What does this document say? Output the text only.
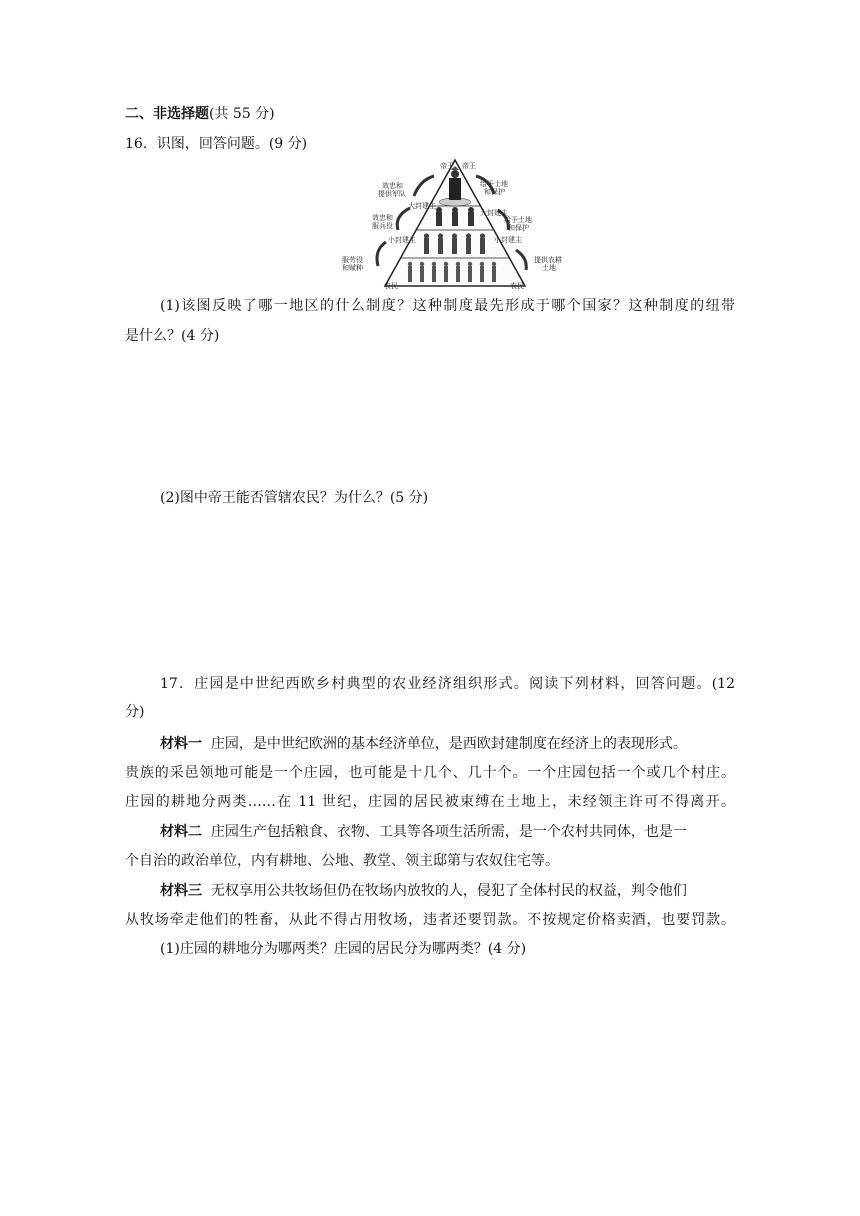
二、非选择题(共 55 分)
16．识图，回答问题。(9 分)
帝王 帝王
大封建主
大封建主
小封建主	小封建主
农民	农民
效忠和
提供军队
效忠和
服兵役
服劳役
和赋种
给予土地
和保护
给予土地
和保护
提供农耕
土地
(1)该图反映了哪一地区的什么制度？这种制度最先形成于哪个国家？这种制度的纽带
是什么？(4 分)
(2)图中帝王能否管辖农民？为什么？(5 分)
17．庄园是中世纪西欧乡村典型的农业经济组织形式。阅读下列材料，回答问题。(12
分)
材料一 庄园，是中世纪欧洲的基本经济单位，是西欧封建制度在经济上的表现形式。
贵族的采邑领地可能是一个庄园，也可能是十几个、几十个。一个庄园包括一个或几个村庄。
庄园的耕地分两类……在 11 世纪，庄园的居民被束缚在土地上，未经领主许可不得离开。
材料二 庄园生产包括粮食、衣物、工具等各项生活所需，是一个农村共同体，也是一
个自治的政治单位，内有耕地、公地、教堂、领主邸第与农奴住宅等。
材料三 无权享用公共牧场但仍在牧场内放牧的人，侵犯了全体村民的权益，判令他们
从牧场牵走他们的牲畜，从此不得占用牧场，违者还要罚款。不按规定价格卖酒，也要罚款。
(1)庄园的耕地分为哪两类？庄园的居民分为哪两类？(4 分)
